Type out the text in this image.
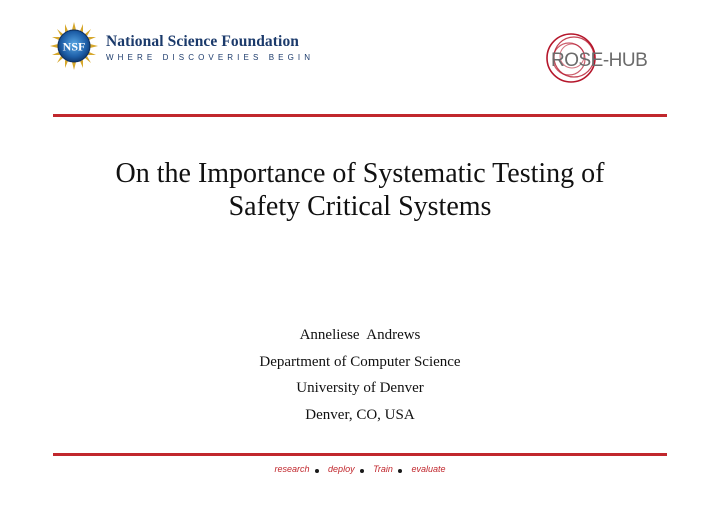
NSF National Science Foundation
WHERE DISCOVERIES BEGIN	ROSE-HUB
On the Importance of Systematic Testing of
Safety Critical Systems
Anneliese  Andrews
Department of Computer Science
University of Denver
Denver, CO, USA
research deploy Train evaluate
